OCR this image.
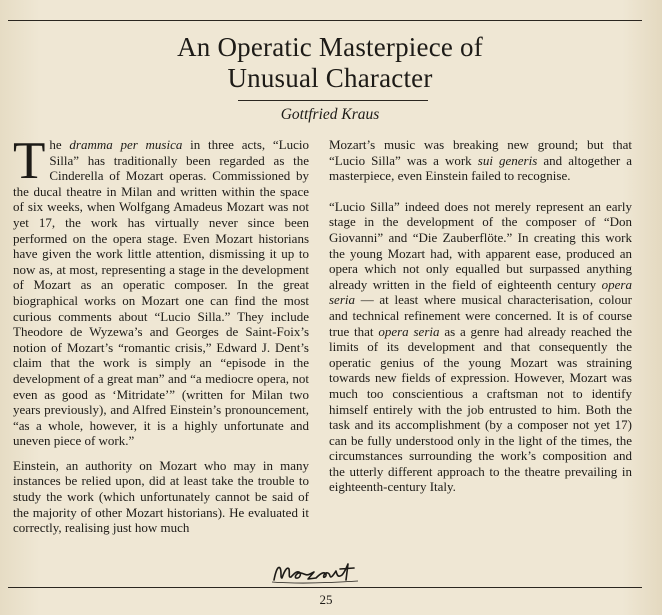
An Operatic Masterpiece of
Unusual Character
Gottfried Kraus

The dramma per musica in three acts, “Lucio Silla” has traditionally been regarded as the Cinderella of Mozart operas. Commissioned by the ducal theatre in Milan and written within the space of six weeks, when Wolfgang Amadeus Mozart was not yet 17, the work has virtually never since been performed on the opera stage. Even Mozart historians have given the work little attention, dismissing it up to now as, at most, representing a stage in the development of Mozart as an operatic composer. In the great biographical works on Mozart one can find the most curious comments about “Lucio Silla.” They include Theodore de Wyzewa’s and Georges de Saint-Foix’s notion of Mozart’s “romantic crisis,” Edward J. Dent’s claim that the work is simply an “episode in the development of a great man” and “a mediocre opera, not even as good as ‘Mitridate’” (written for Milan two years previously), and Alfred Einstein’s pronouncement, “as a whole, however, it is a highly unfortunate and uneven piece of work.”

Einstein, an authority on Mozart who may in many instances be relied upon, did at least take the trouble to study the work (which unfortunately cannot be said of the majority of other Mozart historians). He evaluated it correctly, realising just how much

Mozart’s music was breaking new ground; but that “Lucio Silla” was a work sui generis and altogether a masterpiece, even Einstein failed to recognise.

“Lucio Silla” indeed does not merely represent an early stage in the development of the composer of “Don Giovanni” and “Die Zauberflöte.” In creating this work the young Mozart had, with apparent ease, produced an opera which not only equalled but surpassed anything already written in the field of eighteenth century opera seria — at least where musical characterisation, colour and technical refinement were concerned. It is of course true that opera seria as a genre had already reached the limits of its development and that consequently the operatic genius of the young Mozart was straining towards new fields of expression. However, Mozart was much too conscientious a craftsman not to identify himself entirely with the job entrusted to him. Both the task and its accomplishment (by a composer not yet 17) can be fully understood only in the light of the times, the circumstances surrounding the work’s composition and the utterly different approach to the theatre prevailing in eighteenth-century Italy.

25
